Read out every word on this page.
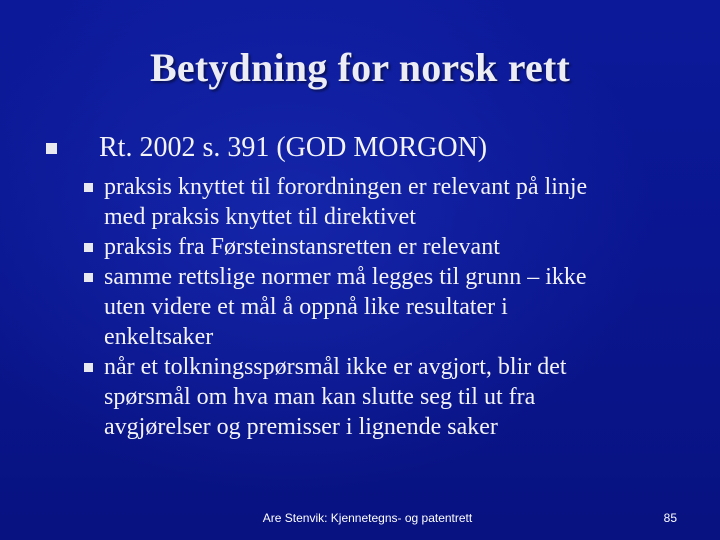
Betydning for norsk rett
Rt. 2002 s. 391 (GOD MORGON)
praksis knyttet til forordningen er relevant på linje
med praksis knyttet til direktivet
praksis fra Førsteinstansretten er relevant
samme rettslige normer må legges til grunn – ikke
uten videre et mål å oppnå like resultater i
enkeltsaker
når et tolkningsspørsmål ikke er avgjort, blir det
spørsmål om hva man kan slutte seg til ut fra
avgjørelser og premisser i lignende saker
Are Stenvik: Kjennetegns- og patentrett	85
